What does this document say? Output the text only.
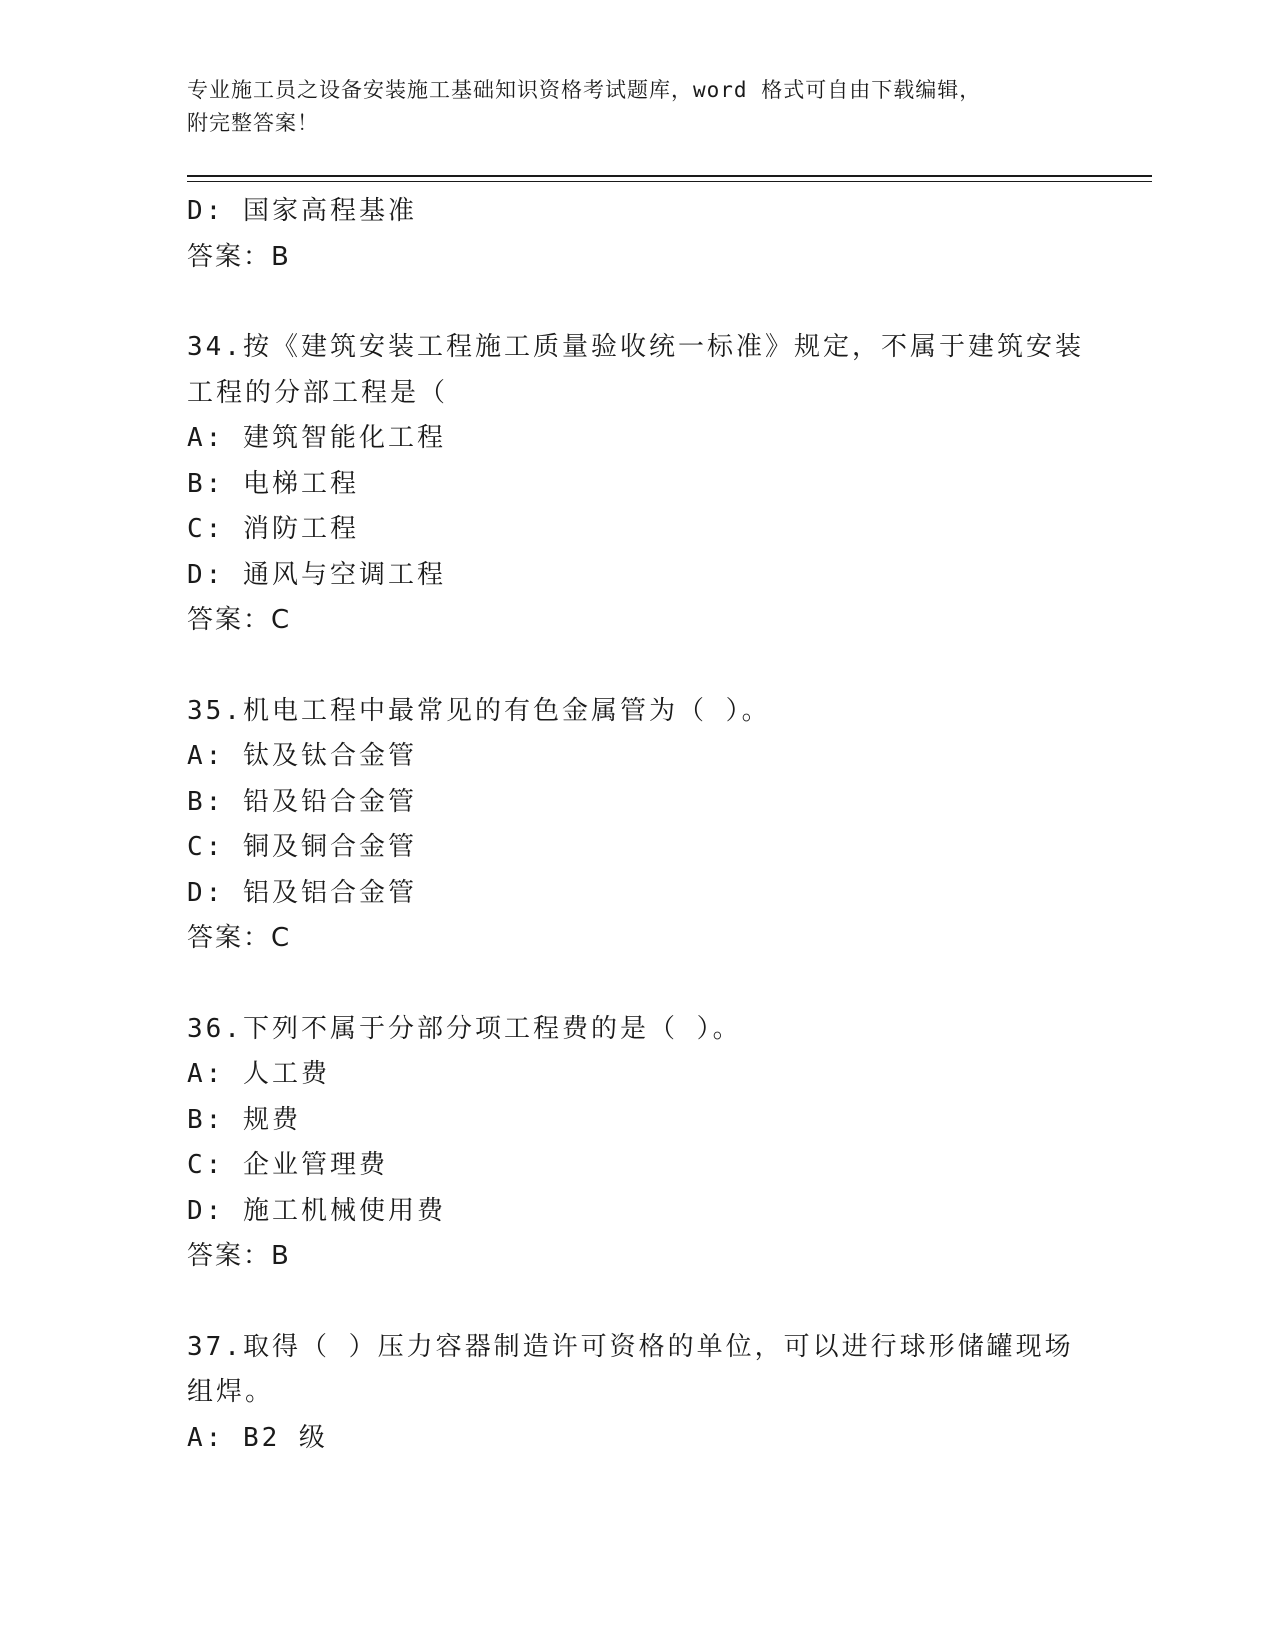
专业施工员之设备安装施工基础知识资格考试题库，word 格式可自由下载编辑，
附完整答案！
D: 国家高程基准
答案：B
34.按《建筑安装工程施工质量验收统一标准》规定，不属于建筑安装
工程的分部工程是（
A: 建筑智能化工程
B: 电梯工程
C: 消防工程
D: 通风与空调工程
答案：C
35.机电工程中最常见的有色金属管为（ ）。
A: 钛及钛合金管
B: 铅及铅合金管
C: 铜及铜合金管
D: 铝及铝合金管
答案：C
36.下列不属于分部分项工程费的是（ ）。
A: 人工费
B: 规费
C: 企业管理费
D: 施工机械使用费
答案：B
37.取得（ ）压力容器制造许可资格的单位，可以进行球形储罐现场
组焊。
A: B2 级
